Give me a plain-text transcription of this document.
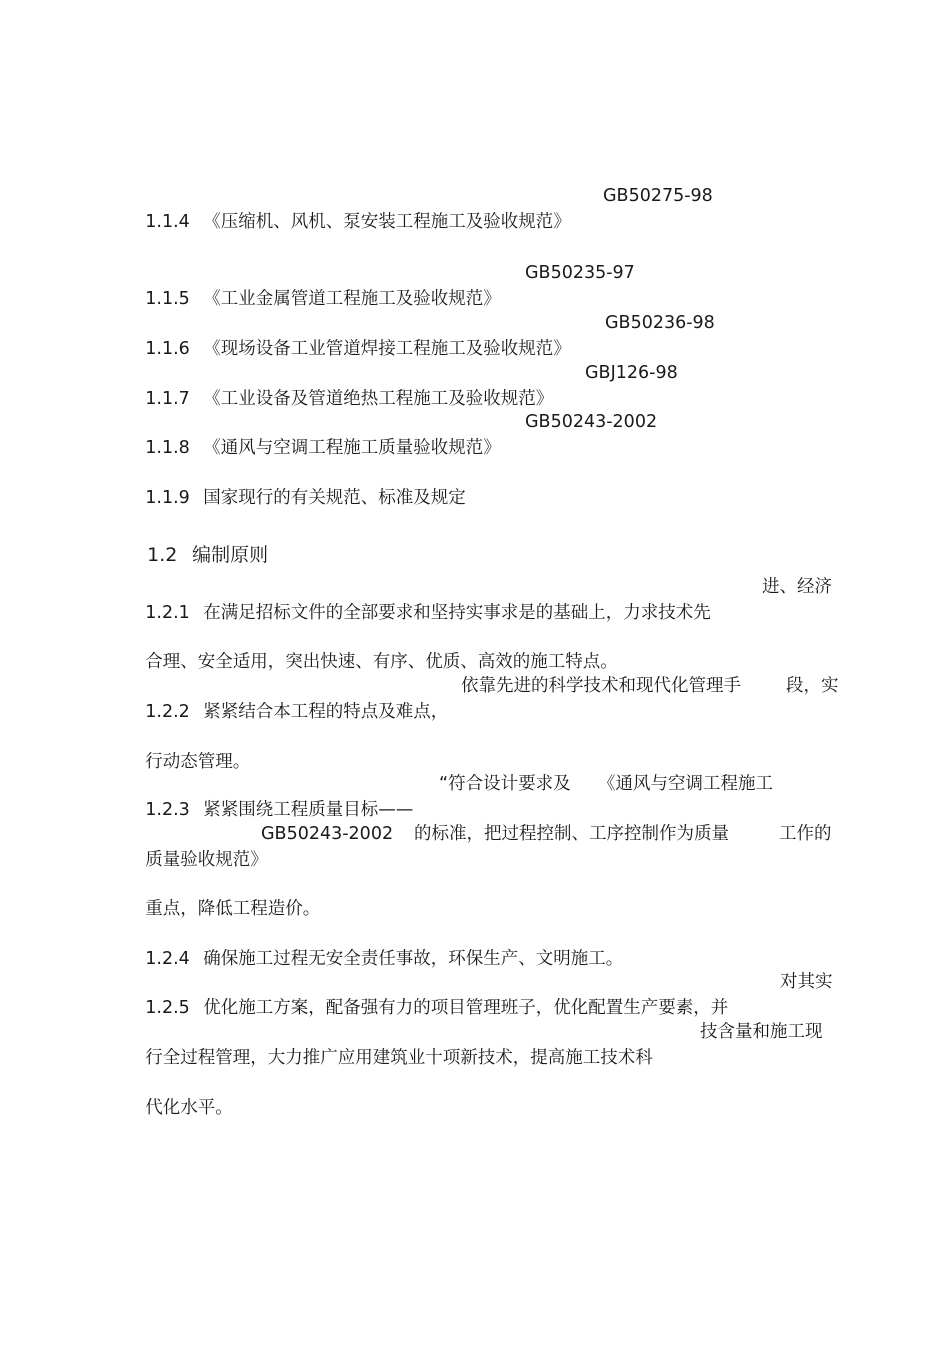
1.1.4 《压缩机、风机、泵安装工程施工及验收规范》

GB50275-98

1.1.5 《工业金属管道工程施工及验收规范》

GB50235-97

1.1.6 《现场设备工业管道焊接工程施工及验收规范》

GB50236-98

1.1.7 《工业设备及管道绝热工程施工及验收规范》

GBJ126-98

1.1.8 《通风与空调工程施工质量验收规范》

GB50243-2002

1.1.9 国家现行的有关规范、标准及规定

1.2 编制原则

1.2.1 在满足招标文件的全部要求和坚持实事求是的基础上，力求技术先
进、经济

合理、安全适用，突出快速、有序、优质、高效的施工特点。

1.2.2 紧紧结合本工程的特点及难点，
依靠先进的科学技术和现代化管理手	段，实

行动态管理。

1.2.3 紧紧围绕工程质量目标——
“符合设计要求及 《通风与空调工程施工

质量验收规范》
GB50243-2002 的标准，把过程控制、工序控制作为质量	工作的

重点，降低工程造价。

1.2.4 确保施工过程无安全责任事故，环保生产、文明施工。

1.2.5 优化施工方案，配备强有力的项目管理班子，优化配置生产要素，并
对其实

行全过程管理，大力推广应用建筑业十项新技术，提高施工技术科
技含量和施工现

代化水平。
